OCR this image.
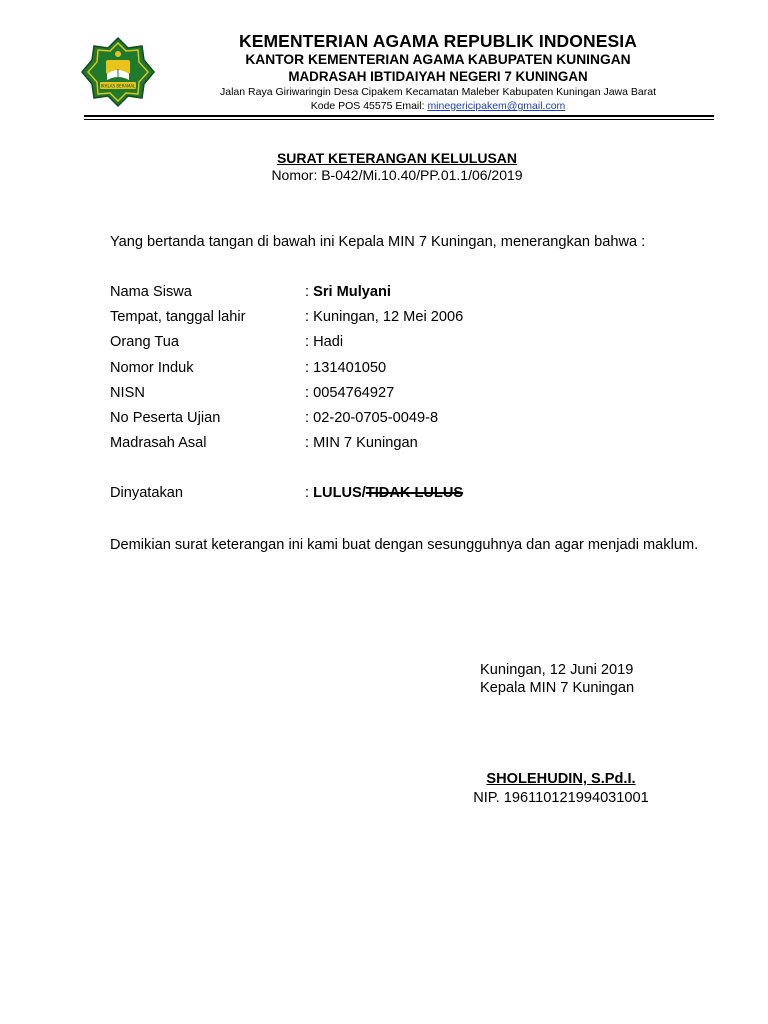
IKHLAS BERAMAL
KEMENTERIAN AGAMA REPUBLIK INDONESIA
KANTOR KEMENTERIAN AGAMA KABUPATEN KUNINGAN
MADRASAH IBTIDAIYAH NEGERI 7 KUNINGAN
Jalan Raya Giriwaringin Desa Cipakem Kecamatan Maleber Kabupaten Kuningan Jawa Barat
Kode POS 45575 Email: minegericipakem@gmail.com
SURAT KETERANGAN KELULUSAN
Nomor: B-042/Mi.10.40/PP.01.1/06/2019
Yang bertanda tangan di bawah ini Kepala MIN 7 Kuningan, menerangkan bahwa :
Nama Siswa	: Sri Mulyani
Tempat, tanggal lahir	: Kuningan, 12 Mei 2006
Orang Tua	: Hadi
Nomor Induk	: 131401050
NISN	: 0054764927
No Peserta Ujian	: 02-20-0705-0049-8
Madrasah Asal	: MIN 7 Kuningan
Dinyatakan	: LULUS/TIDAK LULUS
Demikian surat keterangan ini kami buat dengan sesungguhnya dan agar menjadi maklum.
Kuningan, 12 Juni 2019
Kepala MIN 7 Kuningan
SHOLEHUDIN, S.Pd.I.
NIP. 196110121994031001
